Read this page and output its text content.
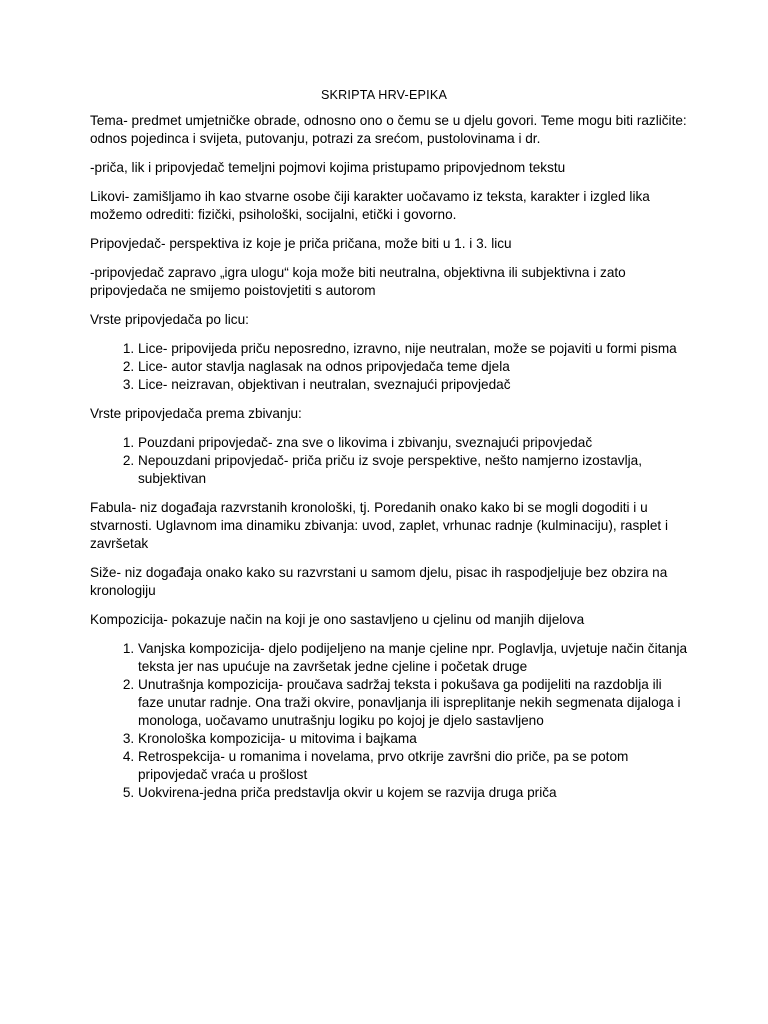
SKRIPTA HRV-EPIKA

Tema- predmet umjetničke obrade, odnosno ono o čemu se u djelu govori. Teme mogu biti različite: odnos pojedinca i svijeta, putovanju, potrazi za srećom, pustolovinama i dr.

-priča, lik i pripovjedač temeljni pojmovi kojima pristupamo pripovjednom tekstu

Likovi- zamišljamo ih kao stvarne osobe čiji karakter uočavamo iz teksta, karakter i izgled lika možemo odrediti: fizički, psihološki, socijalni, etički i govorno.

Pripovjedač- perspektiva iz koje je priča pričana, može biti u 1. i 3. licu

-pripovjedač zapravo „igra ulogu“ koja može biti neutralna, objektivna ili subjektivna i zato pripovjedača ne smijemo poistovjetiti s autorom

Vrste pripovjedača po licu:

1. Lice- pripovijeda priču neposredno, izravno, nije neutralan, može se pojaviti u formi pisma
2. Lice- autor stavlja naglasak na odnos pripovjedača teme djela
3. Lice- neizravan, objektivan i neutralan, sveznajući pripovjedač

Vrste pripovjedača prema zbivanju:

1. Pouzdani pripovjedač- zna sve o likovima i zbivanju, sveznajući pripovjedač
2. Nepouzdani pripovjedač- priča priču iz svoje perspektive, nešto namjerno izostavlja, subjektivan

Fabula- niz događaja razvrstanih kronološki, tj. Poredanih onako kako bi se mogli dogoditi i u stvarnosti. Uglavnom ima dinamiku zbivanja: uvod, zaplet, vrhunac radnje (kulminaciju), rasplet i završetak

Siže- niz događaja onako kako su razvrstani u samom djelu, pisac ih raspodjeljuje bez obzira na kronologiju

Kompozicija- pokazuje način na koji je ono sastavljeno u cjelinu od manjih dijelova

1. Vanjska kompozicija- djelo podijeljeno na manje cjeline npr. Poglavlja, uvjetuje način čitanja teksta jer nas upućuje na završetak jedne cjeline i početak druge
2. Unutrašnja kompozicija- proučava sadržaj teksta i pokušava ga podijeliti na razdoblja ili faze unutar radnje. Ona traži okvire, ponavljanja ili ispreplitanje nekih segmenata dijaloga i monologa, uočavamo unutrašnju logiku po kojoj je djelo sastavljeno
3. Kronološka kompozicija- u mitovima i bajkama
4. Retrospekcija- u romanima i novelama, prvo otkrije završni dio priče, pa se potom pripovjedač vraća u prošlost
5. Uokvirena-jedna priča predstavlja okvir u kojem se razvija druga priča
